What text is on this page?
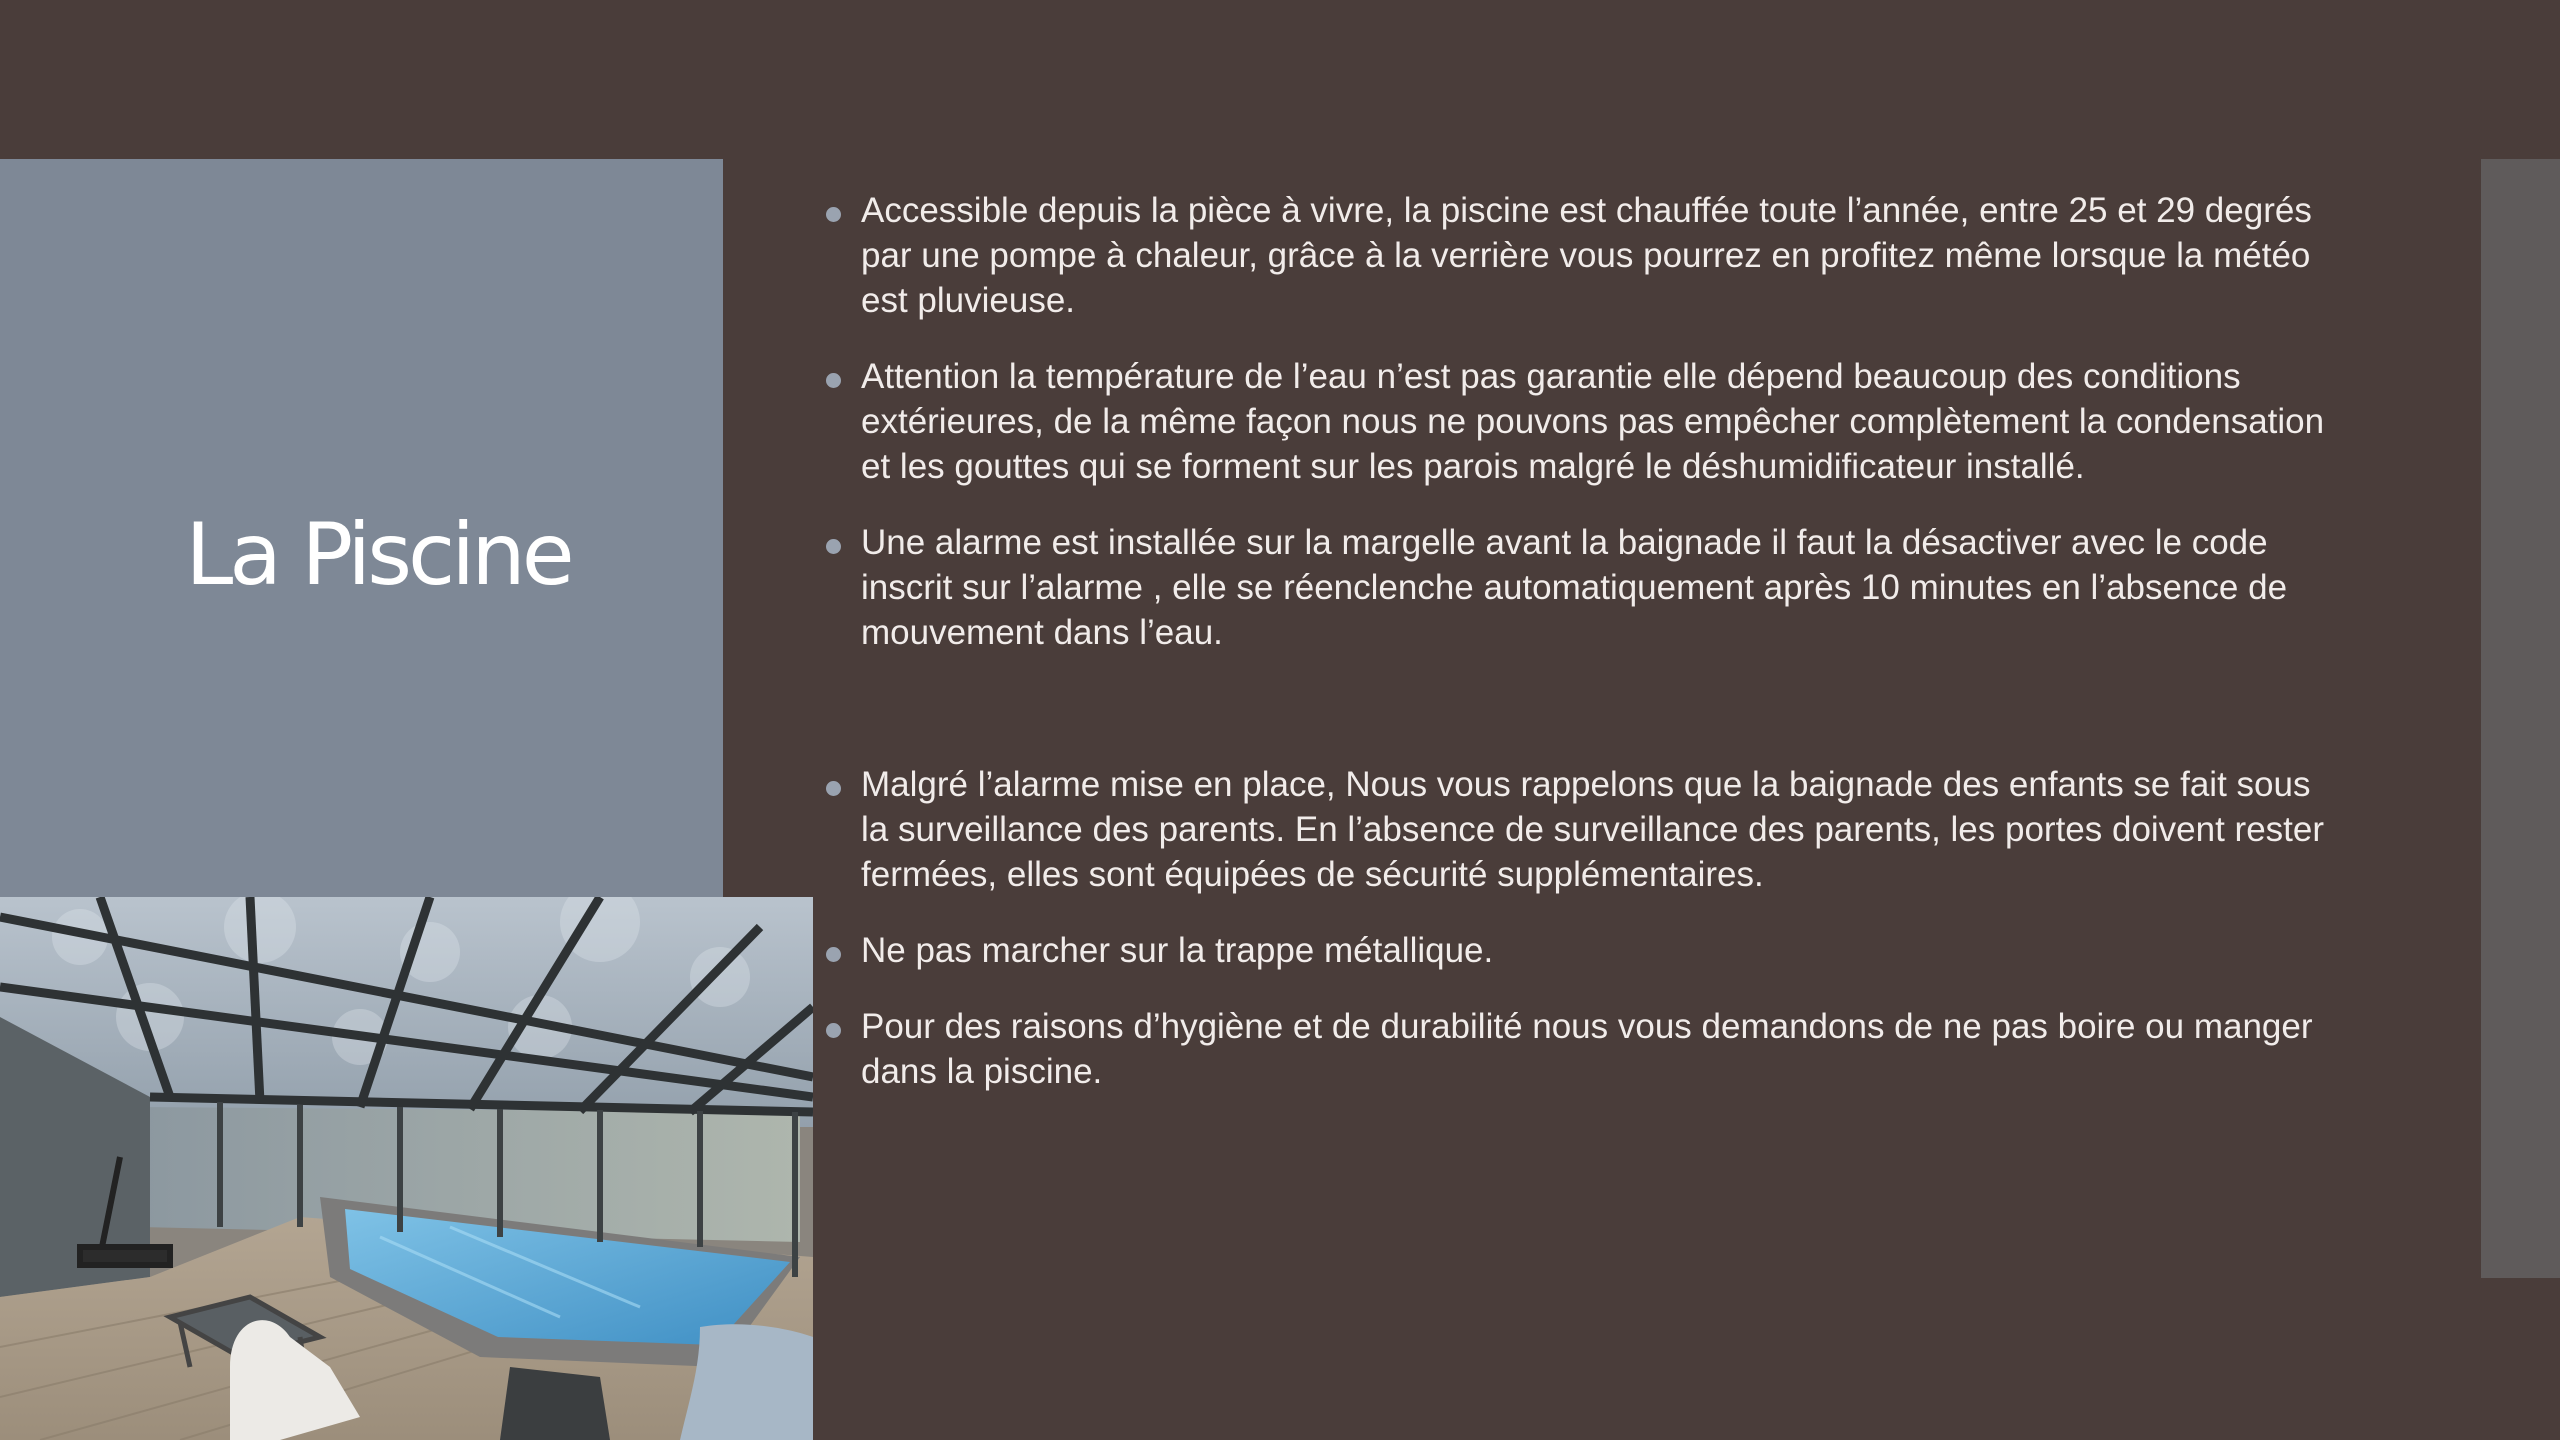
La Piscine
Accessible depuis la pièce à vivre, la piscine est chauffée toute l’année, entre 25 et 29 degrés par une pompe à chaleur, grâce à la verrière vous pourrez en profitez même lorsque la météo est pluvieuse.
Attention la température de l’eau n’est pas garantie elle dépend beaucoup des conditions extérieures, de la même façon nous ne pouvons pas empêcher complètement la condensation et les gouttes qui se forment sur les parois malgré le déshumidificateur installé.
Une alarme est installée sur la margelle avant la baignade il faut la désactiver avec le code inscrit sur l’alarme , elle se réenclenche automatiquement après 10 minutes en l’absence de mouvement dans l’eau.
Malgré l’alarme mise en place, Nous vous rappelons que la baignade des enfants se fait sous la surveillance des parents. En l’absence de surveillance des parents, les portes doivent rester fermées, elles sont équipées de sécurité supplémentaires.
Ne pas marcher sur la trappe métallique.
Pour des raisons d’hygiène et de durabilité nous vous demandons de ne pas boire ou manger dans la piscine.
